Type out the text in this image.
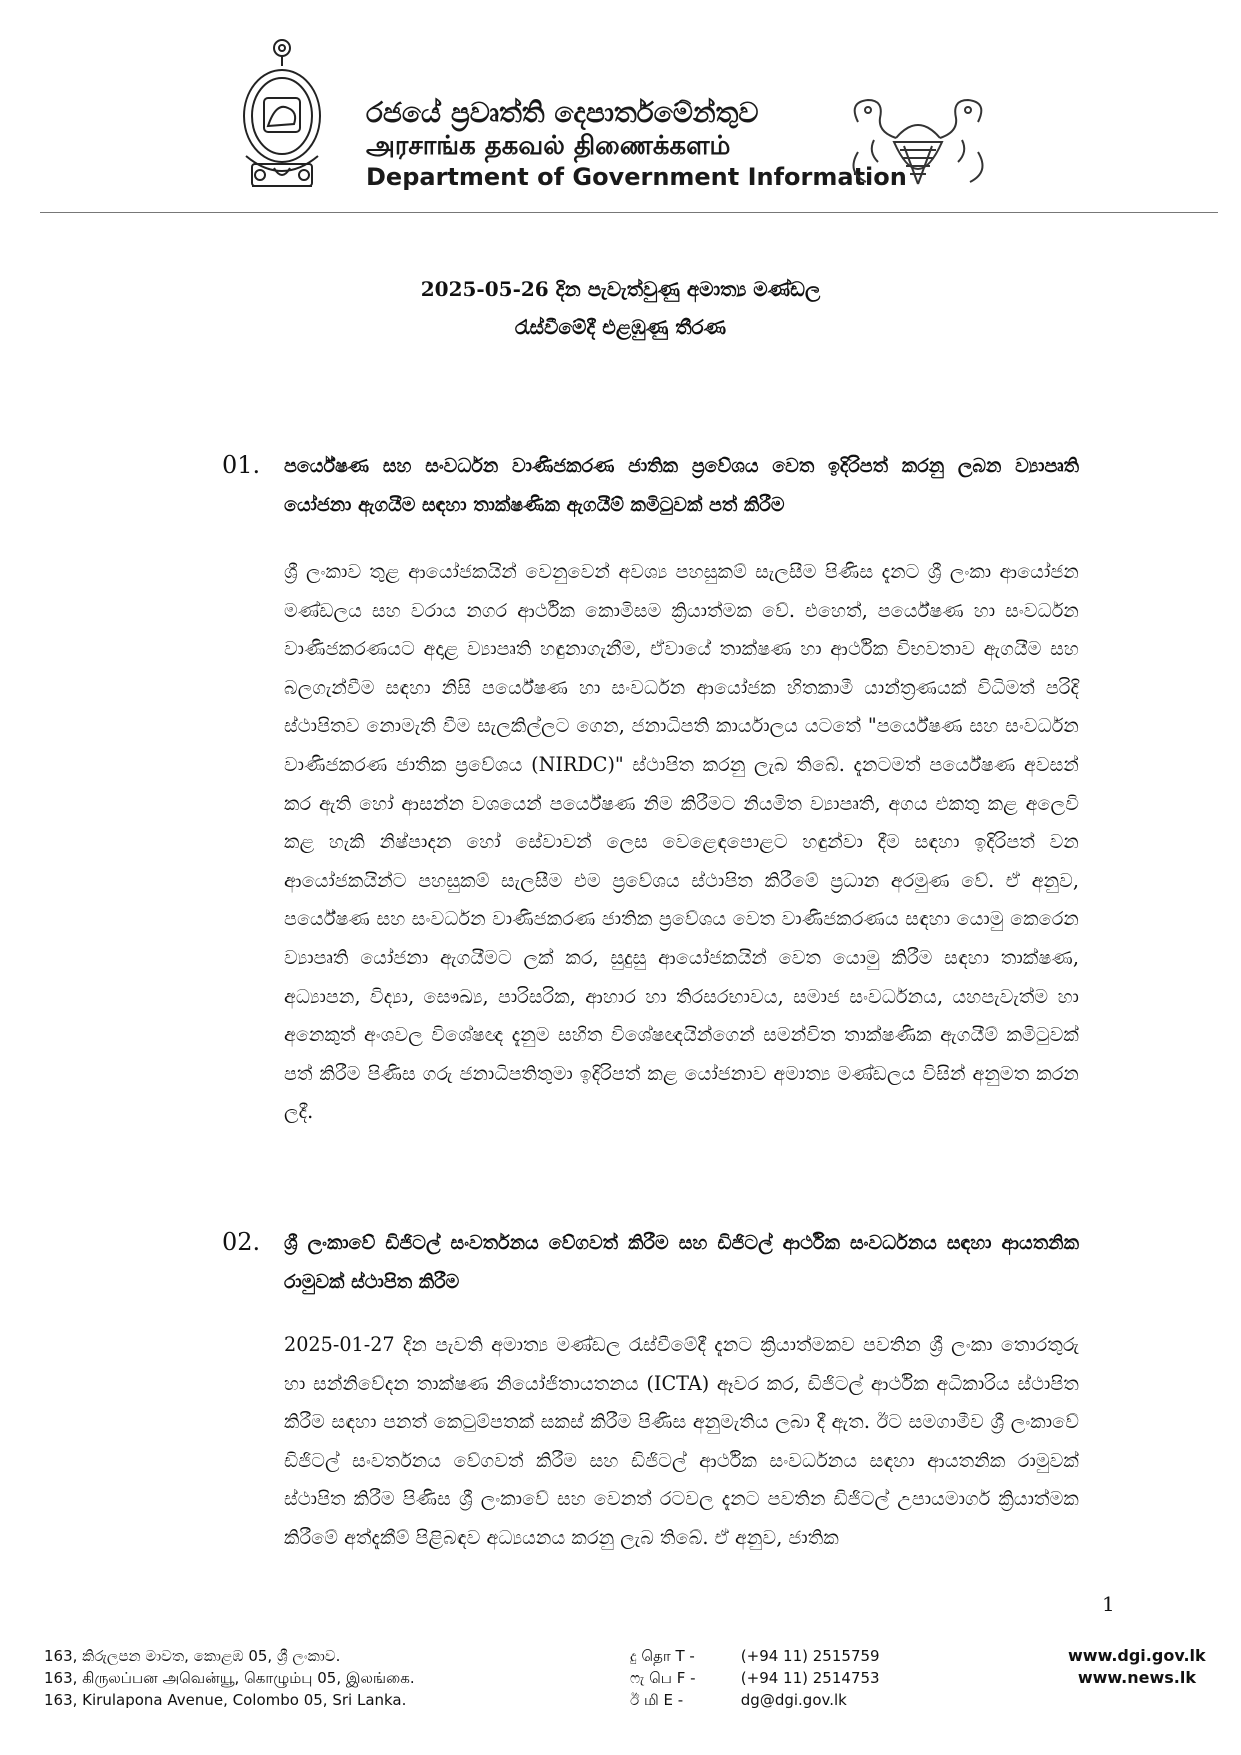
රජයේ ප්‍රවෘත්ති දෙපාර්තමේන්තුව
அரசாங்க தகவல் திணைக்களம்
Department of Government Information
2025-05-26 දින පැවැත්වුණු අමාත්‍ය මණ්ඩල
රැස්වීමේදී එළඹුණු තීරණ
01. පර්යේෂණ සහ සංවර්ධන වාණිජකරණ ජාතික ප්‍රවේශය වෙත ඉදිරිපත් කරනු ලබන ව්‍යාපෘති යෝජනා ඇගයීම සඳහා තාක්ෂණික ඇගයීම් කමිටුවක් පත් කිරීම
ශ්‍රී ලංකාව තුළ ආයෝජකයින් වෙනුවෙන් අවශ්‍ය පහසුකම් සැලසීම පිණිස දැනට ශ්‍රී ලංකා ආයෝජන මණ්ඩලය සහ වරාය නගර ආර්ථික කොමිසම ක්‍රියාත්මක වේ. එහෙත්, පර්යේෂණ හා සංවර්ධන වාණිජකරණයට අදාළ ව්‍යාපෘති හඳුනාගැනීම, ඒවායේ තාක්ෂණ හා ආර්ථික විභවතාව ඇගයීම සහ බලගැන්වීම සඳහා නිසි පර්යේෂණ හා සංවර්ධන ආයෝජක හිතකාමී යාන්ත්‍රණයක් විධිමත් පරිදි ස්ථාපිතව නොමැති වීම සැලකිල්ලට ගෙන, ජනාධිපති කාර්යාලය යටතේ "පර්යේෂණ සහ සංවර්ධන වාණිජකරණ ජාතික ප්‍රවේශය (NIRDC)" ස්ථාපිත කරනු ලැබ තිබේ. දැනටමත් පර්යේෂණ අවසන් කර ඇති හෝ ආසන්න වශයෙන් පර්යේෂණ නිම කිරීමට නියමිත ව්‍යාපෘති, අගය එකතු කළ අලෙවි කළ හැකි නිෂ්පාදන හෝ සේවාවන් ලෙස වෙළෙඳපොළට හඳුන්වා දීම සඳහා ඉදිරිපත් වන ආයෝජකයින්ට පහසුකම් සැලසීම එම ප්‍රවේශය ස්ථාපිත කිරීමේ ප්‍රධාන අරමුණ වේ. ඒ අනුව, පර්යේෂණ සහ සංවර්ධන වාණිජකරණ ජාතික ප්‍රවේශය වෙත වාණිජකරණය සඳහා යොමු කෙරෙන ව්‍යාපෘති යෝජනා ඇගයීමට ලක් කර, සුදුසු ආයෝජකයින් වෙත යොමු කිරීම සඳහා තාක්ෂණ, අධ්‍යාපන, විද්‍යා, සෞඛ්‍ය, පාරිසරික, ආහාර හා තිරසරභාවය, සමාජ සංවර්ධනය, යහපැවැත්ම හා අනෙකුත් අංශවල විශේෂඥ දැනුම සහිත විශේෂඥයින්ගෙන් සමන්විත තාක්ෂණික ඇගයීම් කමිටුවක් පත් කිරීම පිණිස ගරු ජනාධිපතිතුමා ඉදිරිපත් කළ යෝජනාව අමාත්‍ය මණ්ඩලය විසින් අනුමත කරන ලදී.
02. ශ්‍රී ලංකාවේ ඩිජිටල් සංවර්තනය වේගවත් කිරීම සහ ඩිජිටල් ආර්ථික සංවර්ධනය සඳහා ආයතනික රාමුවක් ස්ථාපිත කිරීම
2025-01-27 දින පැවති අමාත්‍ය මණ්ඩල රැස්වීමේදී දැනට ක්‍රියාත්මකව පවතින ශ්‍රී ලංකා තොරතුරු හා සන්නිවේදන තාක්ෂණ නියෝජිතායතනය (ICTA) ඈවර කර, ඩිජිටල් ආර්ථික අධිකාරිය ස්ථාපිත කිරීම සඳහා පනත් කෙටුම්පතක් සකස් කිරීම පිණිස අනුමැතිය ලබා දී ඇත. ඊට සමගාමීව ශ්‍රී ලංකාවේ ඩිජිටල් සංවර්තනය වේගවත් කිරීම සහ ඩිජිටල් ආර්ථික සංවර්ධනය සඳහා ආයතනික රාමුවක් ස්ථාපිත කිරීම පිණිස ශ්‍රී ලංකාවේ සහ වෙනත් රටවල දැනට පවතින ඩිජිටල් උපායමාර්ග ක්‍රියාත්මක කිරීමේ අත්දැකීම් පිළිබඳව අධ්‍යයනය කරනු ලැබ තිබේ. ඒ අනුව, ජාතික
1
163, කිරුලපන මාවත, කොළඹ 05, ශ්‍රී ලංකාව.
163, கிருலப்பன அவென்யூ, கொழும்பு 05, இலங்கை.
163, Kirulapona Avenue, Colombo 05, Sri Lanka.
දු தொ T -	(+94 11) 2515759
ෆැ பெ F -	(+94 11) 2514753
ඊ மி E -	dg@dgi.gov.lk
www.dgi.gov.lk
www.news.lk
